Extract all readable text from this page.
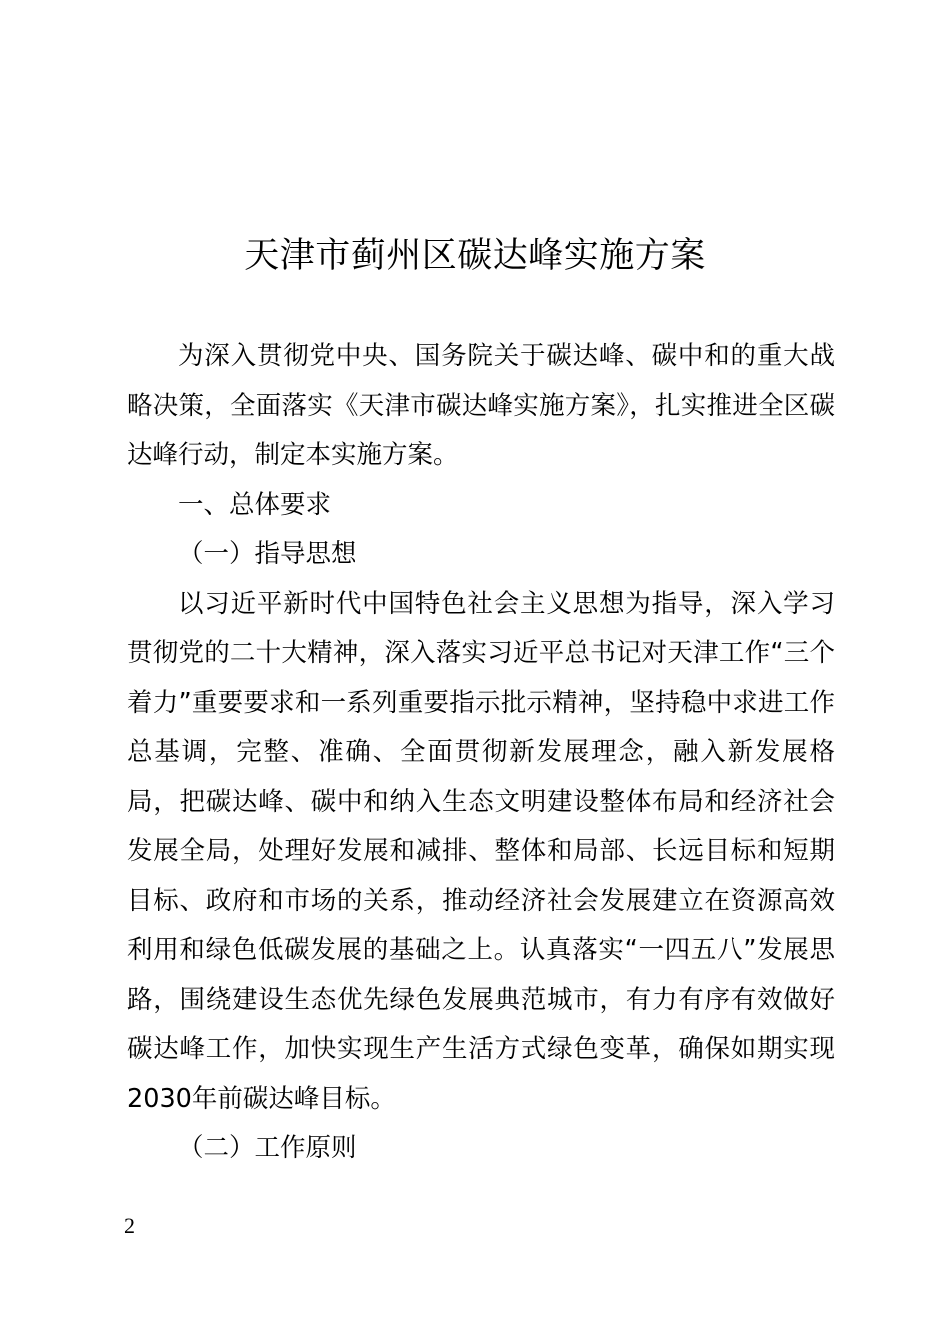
天津市蓟州区碳达峰实施方案

为深入贯彻党中央、国务院关于碳达峰、碳中和的重大战略决策，全面落实《天津市碳达峰实施方案》，扎实推进全区碳达峰行动，制定本实施方案。

一、总体要求

（一）指导思想

以习近平新时代中国特色社会主义思想为指导，深入学习贯彻党的二十大精神，深入落实习近平总书记对天津工作“三个着力”重要要求和一系列重要指示批示精神，坚持稳中求进工作总基调，完整、准确、全面贯彻新发展理念，融入新发展格局，把碳达峰、碳中和纳入生态文明建设整体布局和经济社会发展全局，处理好发展和减排、整体和局部、长远目标和短期目标、政府和市场的关系，推动经济社会发展建立在资源高效利用和绿色低碳发展的基础之上。认真落实“一四五八”发展思路，围绕建设生态优先绿色发展典范城市，有力有序有效做好碳达峰工作，加快实现生产生活方式绿色变革，确保如期实现2030年前碳达峰目标。

（二）工作原则

2
